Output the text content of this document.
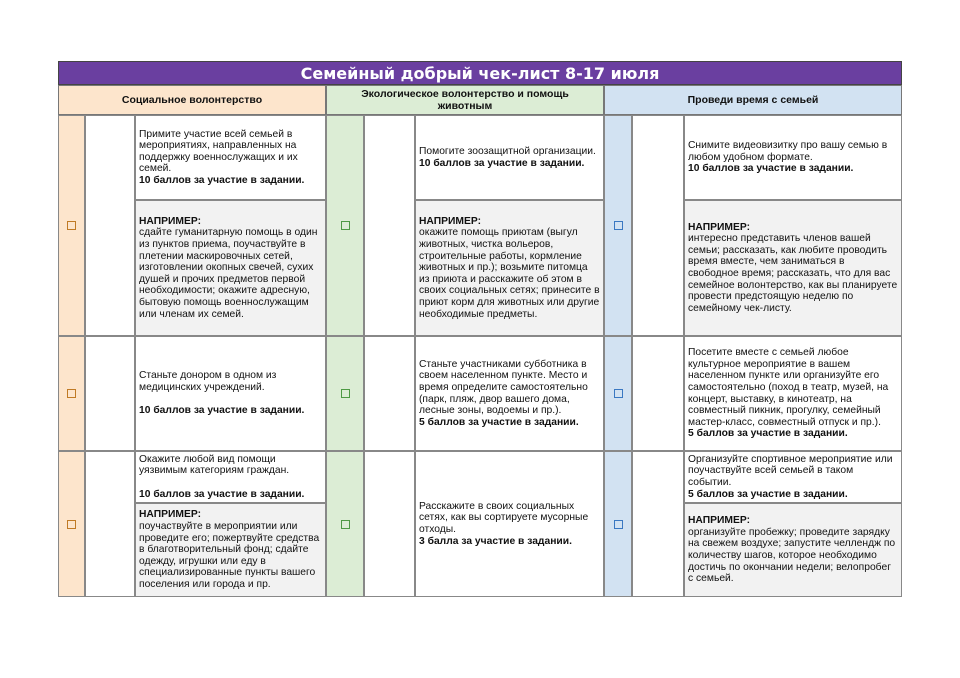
Семейный добрый чек-лист 8-17 июля
Социальное волонтерство	Экологическое волонтерство и помощь животным	Проведи время с семьей
Примите участие всей семьей в мероприятиях, направленных на поддержку военнослужащих и их семей.
10 баллов за участие в задании.
НАПРИМЕР:
сдайте гуманитарную помощь в один из пунктов приема, поучаствуйте в плетении маскировочных сетей, изготовлении окопных свечей, сухих душей и прочих предметов первой необходимости; окажите адресную, бытовую помощь военнослужащим или членам их семей.
Станьте донором в одном из медицинских учреждений.

10 баллов за участие в задании.
Окажите любой вид помощи уязвимым категориям граждан.

10 баллов за участие в задании.
НАПРИМЕР:
поучаствуйте в мероприятии или проведите его; пожертвуйте средства в благотворительный фонд; сдайте одежду, игрушки или еду в специализированные пункты вашего поселения или города и пр.
Помогите зоозащитной организации.
10 баллов за участие в задании.
НАПРИМЕР:
окажите помощь приютам (выгул животных, чистка вольеров, строительные работы, кормление животных и пр.); возьмите питомца из приюта и расскажите об этом в своих социальных сетях; принесите в приют корм для животных или другие необходимые предметы.
Станьте участниками субботника в своем населенном пункте. Место и время определите самостоятельно (парк, пляж, двор вашего дома, лесные зоны, водоемы и пр.).
5 баллов за участие в задании.
Расскажите в своих социальных сетях, как вы сортируете мусорные отходы.
3 балла за участие в задании.
Снимите видеовизитку про вашу семью в любом удобном формате.
10 баллов за участие в задании.
НАПРИМЕР:
интересно представить членов вашей семьи; рассказать, как любите проводить время вместе, чем заниматься в свободное время; рассказать, что для вас семейное волонтерство, как вы планируете провести предстоящую неделю по семейному чек-листу.
Посетите вместе с семьей любое культурное мероприятие в вашем населенном пункте или организуйте его самостоятельно (поход в театр, музей, на концерт, выставку, в кинотеатр, на совместный пикник, прогулку, семейный мастер-класс, совместный отпуск и пр.).
5 баллов за участие в задании.
Организуйте спортивное мероприятие или поучаствуйте всей семьей в таком событии.
5 баллов за участие в задании.
НАПРИМЕР:
организуйте пробежку; проведите зарядку на свежем воздухе; запустите челлендж по количеству шагов, которое необходимо достичь по окончании недели; велопробег с семьей.
